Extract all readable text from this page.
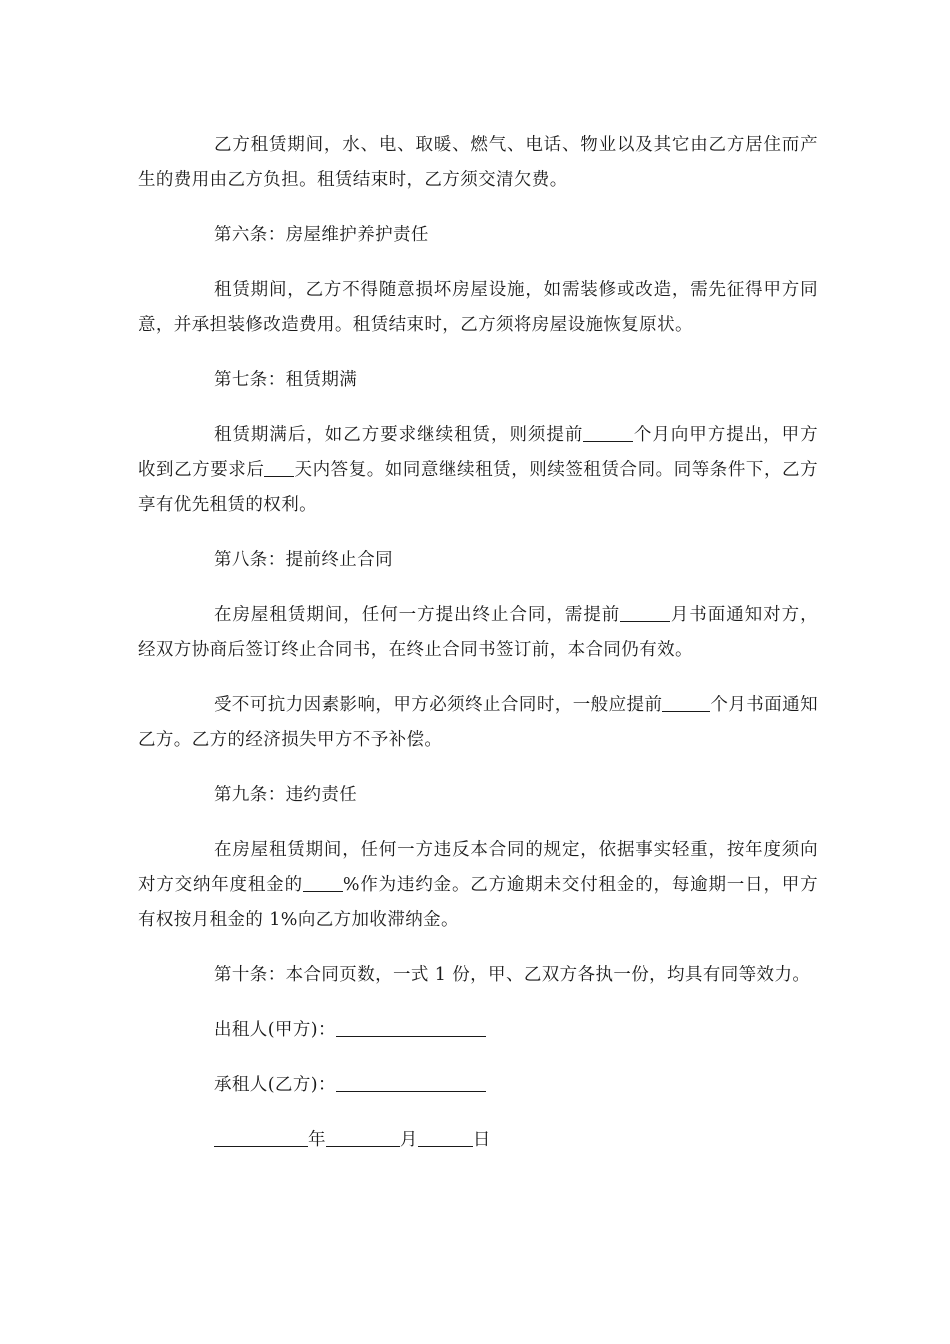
乙方租赁期间，水、电、取暖、燃气、电话、物业以及其它由乙方居住而产生的费用由乙方负担。租赁结束时，乙方须交清欠费。

第六条：房屋维护养护责任

租赁期间，乙方不得随意损坏房屋设施，如需装修或改造，需先征得甲方同意，并承担装修改造费用。租赁结束时，乙方须将房屋设施恢复原状。

第七条：租赁期满

租赁期满后，如乙方要求继续租赁，则须提前	个月向甲方提出，甲方收到乙方要求后 天内答复。如同意继续租赁，则续签租赁合同。同等条件下，乙方享有优先租赁的权利。

第八条：提前终止合同

在房屋租赁期间，任何一方提出终止合同，需提前	月书面通知对方，经双方协商后签订终止合同书，在终止合同书签订前，本合同仍有效。

受不可抗力因素影响，甲方必须终止合同时，一般应提前	个月书面通知乙方。乙方的经济损失甲方不予补偿。

第九条：违约责任

在房屋租赁期间，任何一方违反本合同的规定，依据事实轻重，按年度须向对方交纳年度租金的 %作为违约金。乙方逾期未交付租金的，每逾期一日，甲方有权按月租金的 1%向乙方加收滞纳金。

第十条：本合同页数，一式 1 份，甲、乙双方各执一份，均具有同等效力。

出租人(甲方)：

承租人(乙方)：

年	月	日
